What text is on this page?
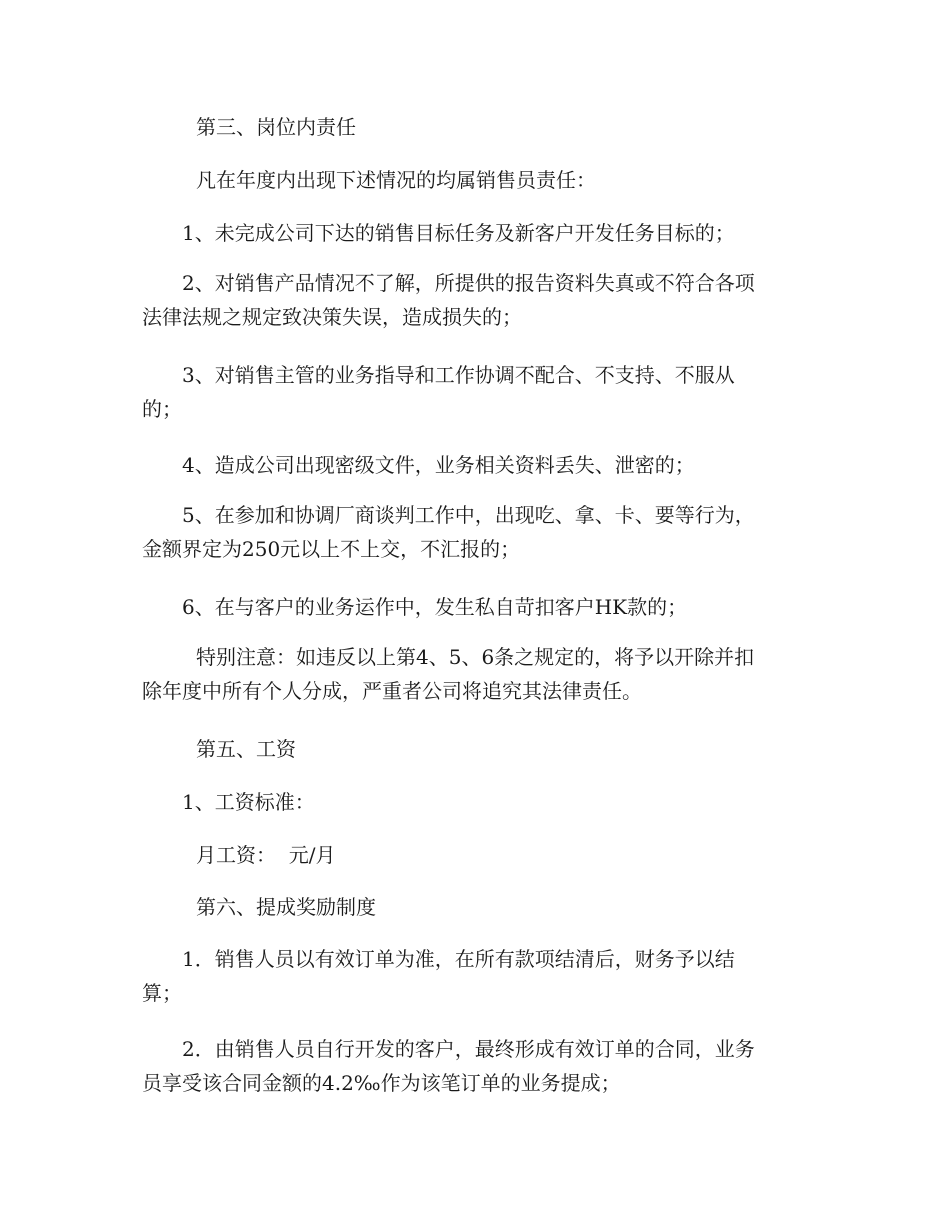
第三、岗位内责任

凡在年度内出现下述情况的均属销售员责任：

1、未完成公司下达的销售目标任务及新客户开发任务目标的；

2、对销售产品情况不了解，所提供的报告资料失真或不符合各项
法律法规之规定致决策失误，造成损失的；

3、对销售主管的业务指导和工作协调不配合、不支持、不服从
的；

4、造成公司出现密级文件，业务相关资料丢失、泄密的；

5、在参加和协调厂商谈判工作中，出现吃、拿、卡、要等行为，
金额界定为250元以上不上交，不汇报的；

6、在与客户的业务运作中，发生私自苛扣客户HK款的；

特别注意：如违反以上第4、5、6条之规定的，将予以开除并扣
除年度中所有个人分成，严重者公司将追究其法律责任。

第五、工资

1、工资标准：

月工资：  元/月

第六、提成奖励制度

1．销售人员以有效订单为准，在所有款项结清后，财务予以结
算；

2．由销售人员自行开发的客户，最终形成有效订单的合同，业务
员享受该合同金额的4.2‰作为该笔订单的业务提成；
